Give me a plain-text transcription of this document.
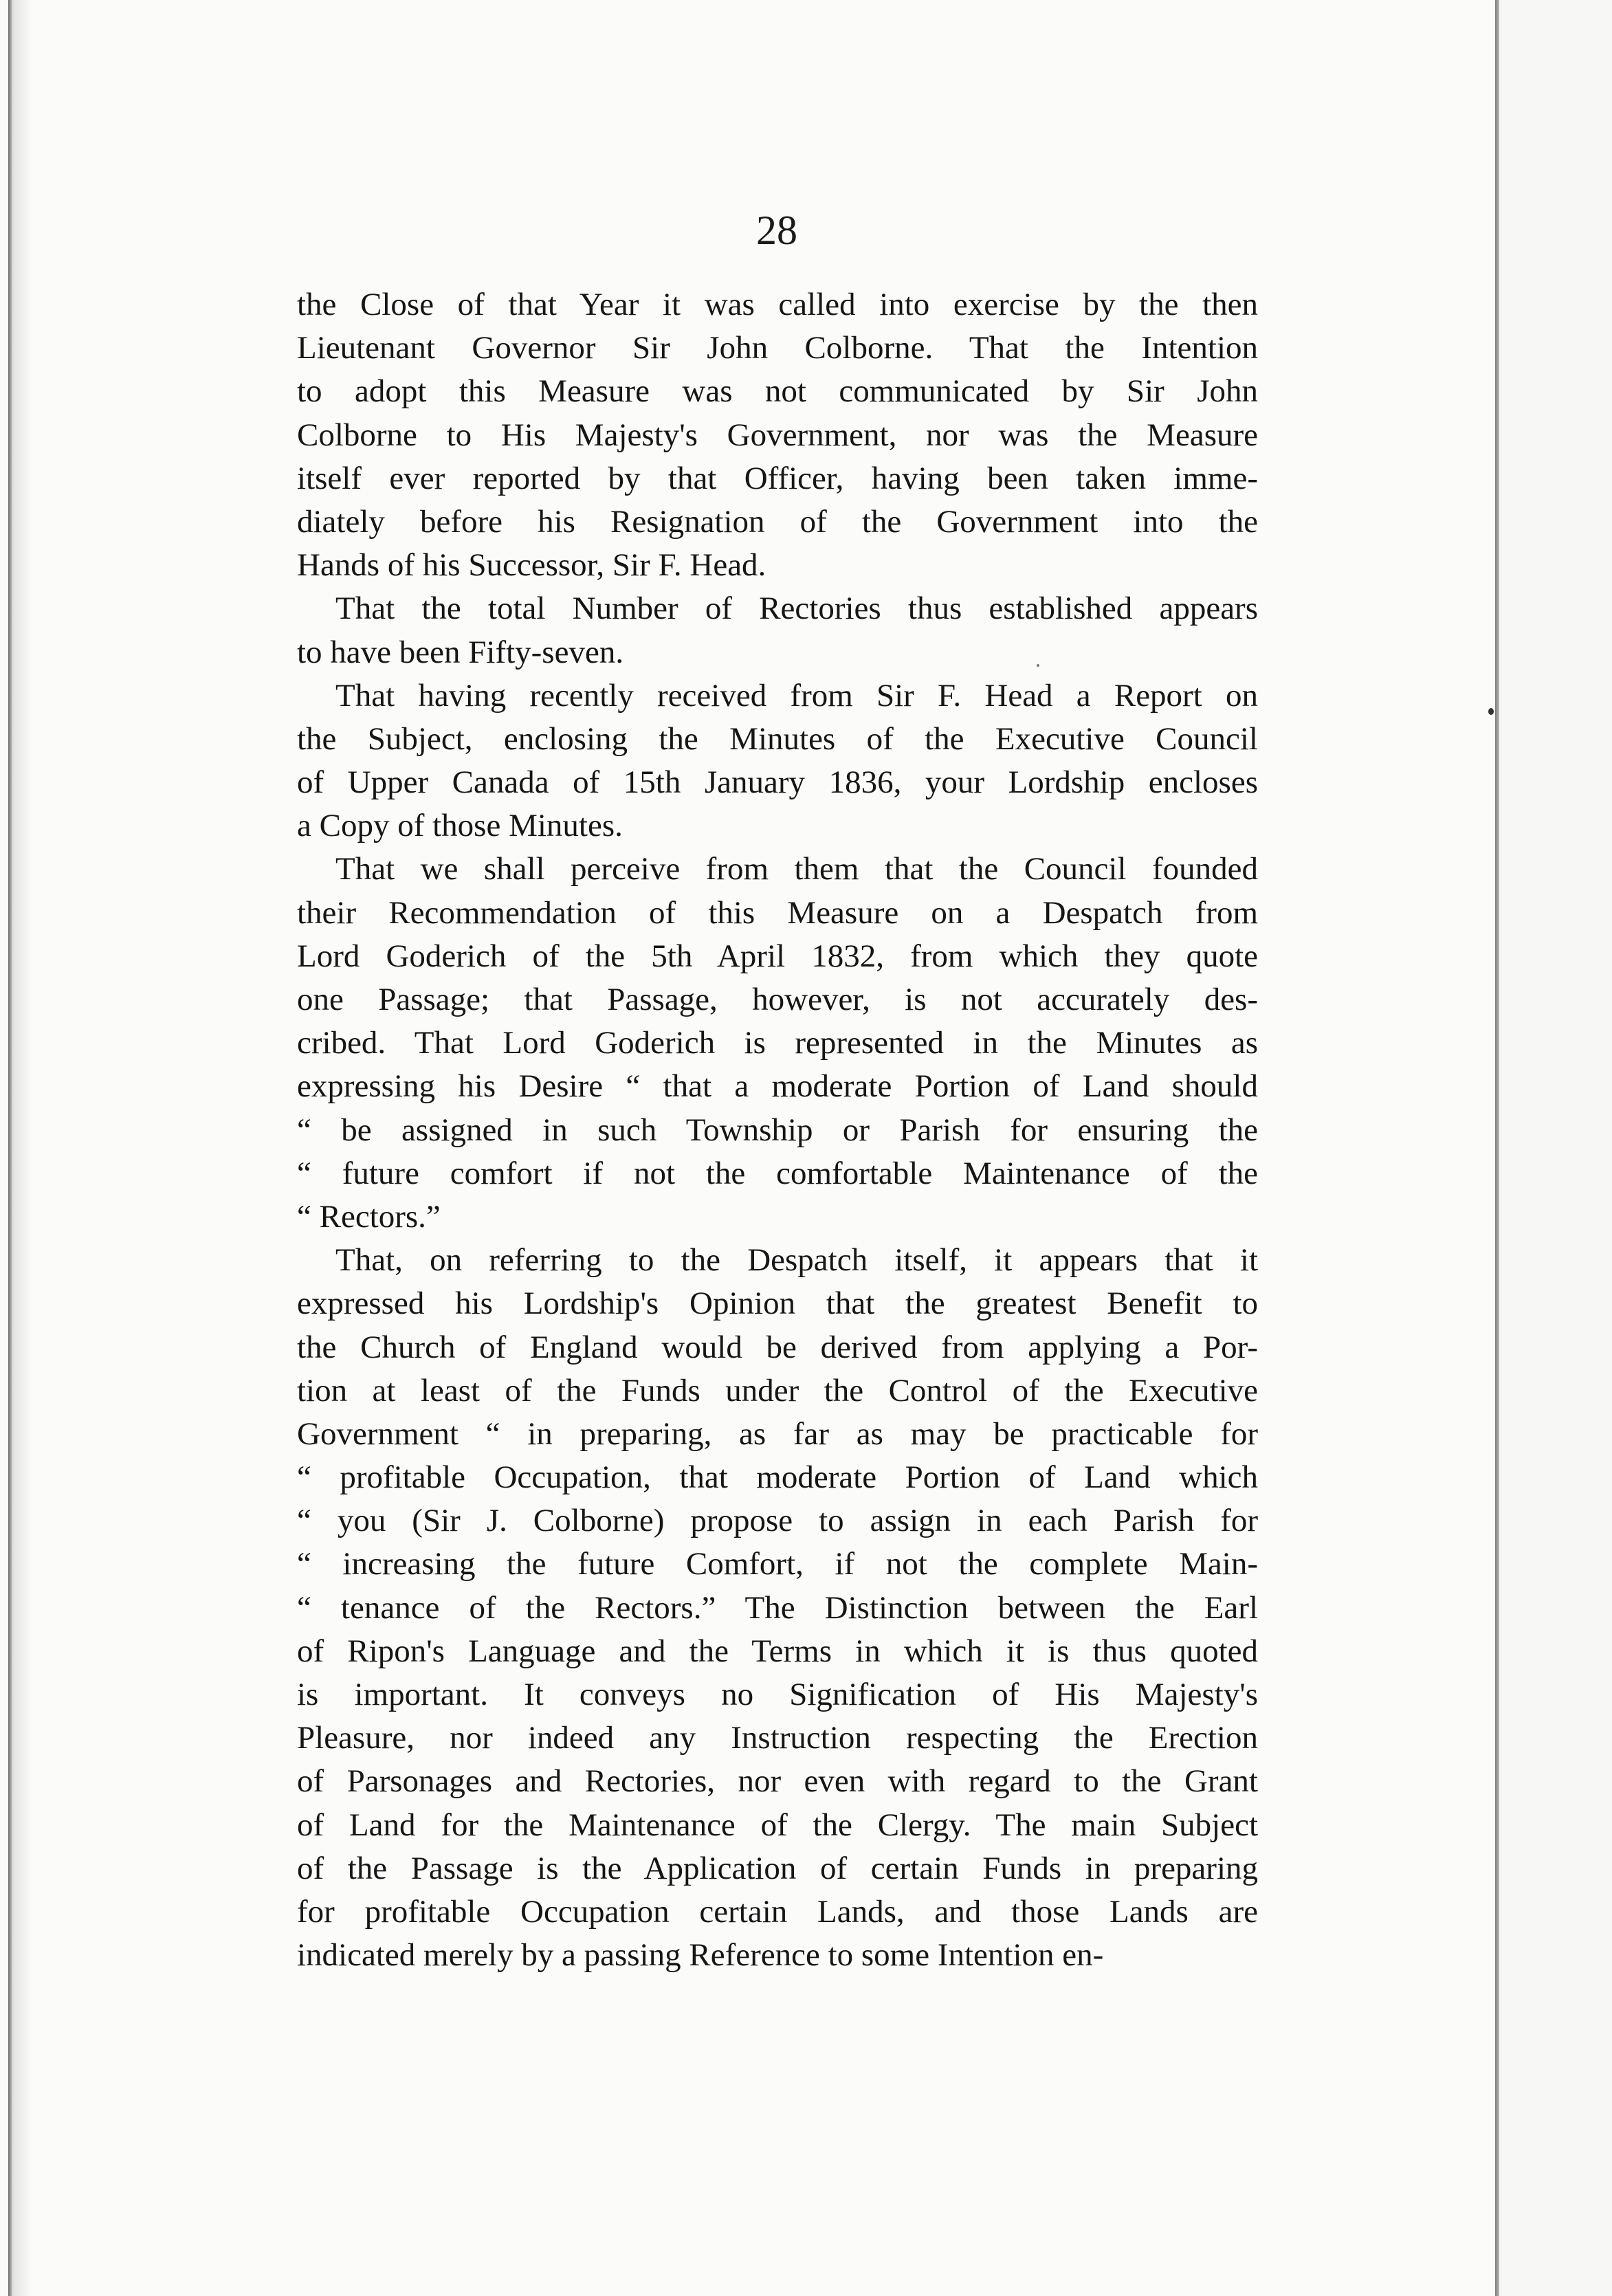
28

the Close of that Year it was called into exercise by the then
Lieutenant Governor Sir John Colborne. That the Intention
to adopt this Measure was not communicated by Sir John
Colborne to His Majesty's Government, nor was the Measure
itself ever reported by that Officer, having been taken imme-
diately before his Resignation of the Government into the
Hands of his Successor, Sir F. Head.

That the total Number of Rectories thus established appears
to have been Fifty-seven.

That having recently received from Sir F. Head a Report on
the Subject, enclosing the Minutes of the Executive Council
of Upper Canada of 15th January 1836, your Lordship encloses
a Copy of those Minutes.

That we shall perceive from them that the Council founded
their Recommendation of this Measure on a Despatch from
Lord Goderich of the 5th April 1832, from which they quote
one Passage; that Passage, however, is not accurately des-
cribed. That Lord Goderich is represented in the Minutes as
expressing his Desire “ that a moderate Portion of Land should
“ be assigned in such Township or Parish for ensuring the
“ future comfort if not the comfortable Maintenance of the
“ Rectors.”

That, on referring to the Despatch itself, it appears that it
expressed his Lordship's Opinion that the greatest Benefit to
the Church of England would be derived from applying a Por-
tion at least of the Funds under the Control of the Executive
Government “ in preparing, as far as may be practicable for
“ profitable Occupation, that moderate Portion of Land which
“ you (Sir J. Colborne) propose to assign in each Parish for
“ increasing the future Comfort, if not the complete Main-
“ tenance of the Rectors.” The Distinction between the Earl
of Ripon's Language and the Terms in which it is thus quoted
is important. It conveys no Signification of His Majesty's
Pleasure, nor indeed any Instruction respecting the Erection
of Parsonages and Rectories, nor even with regard to the Grant
of Land for the Maintenance of the Clergy. The main Subject
of the Passage is the Application of certain Funds in preparing
for profitable Occupation certain Lands, and those Lands are
indicated merely by a passing Reference to some Intention en-
